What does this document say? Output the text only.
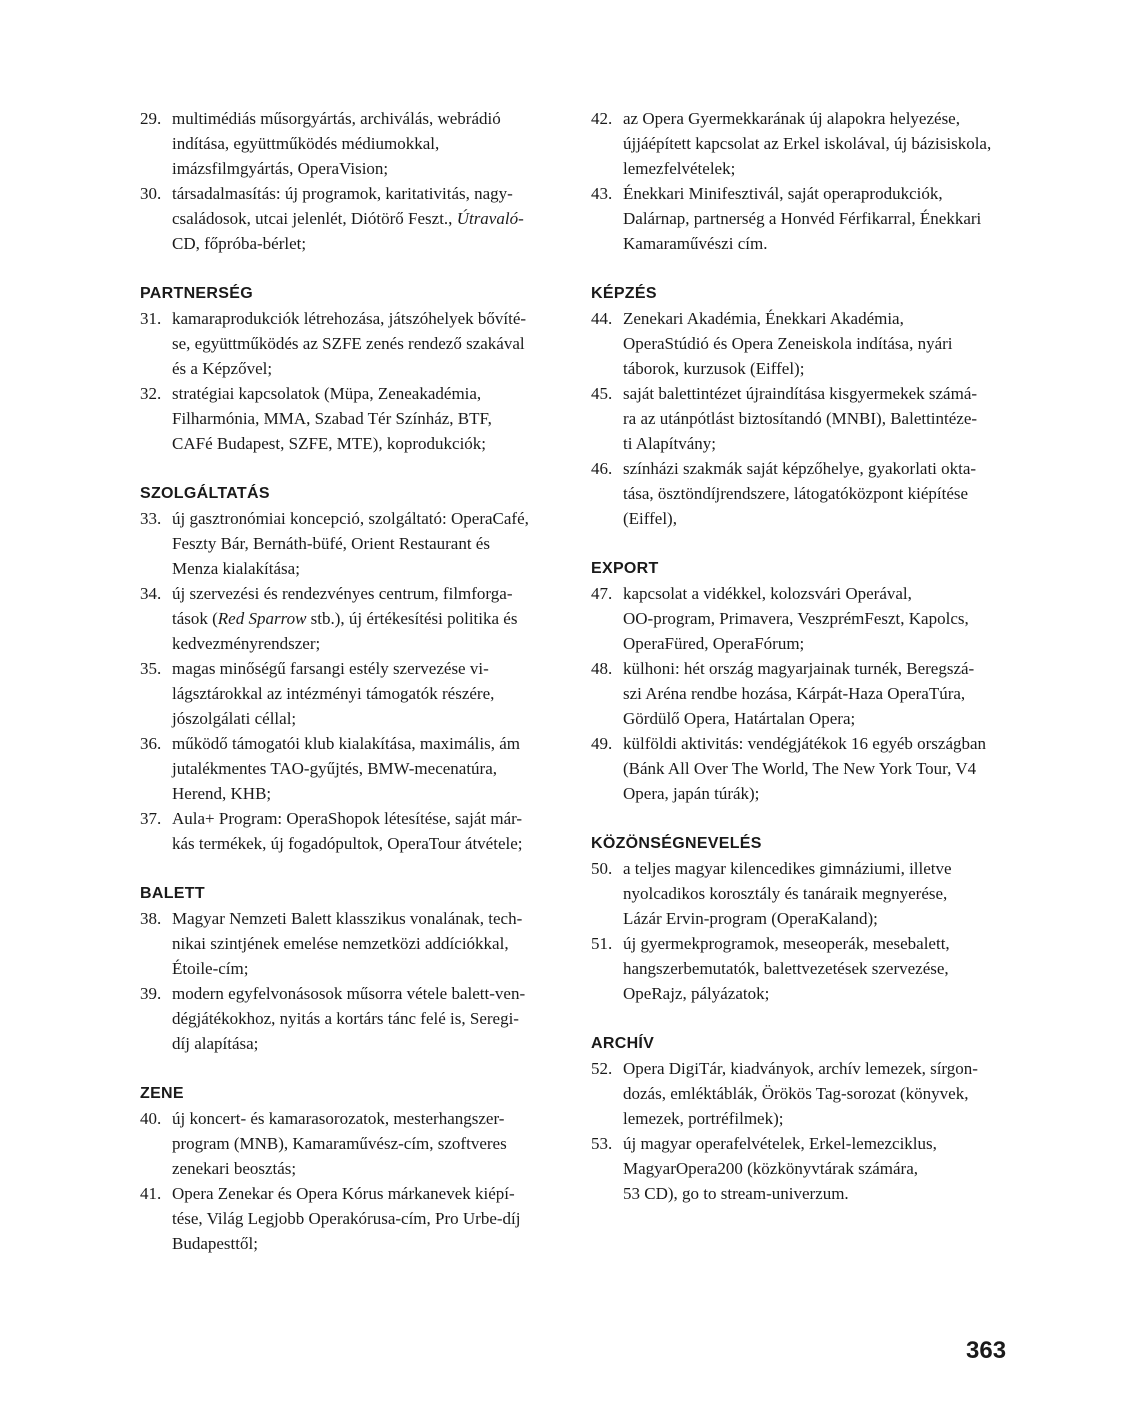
29. multimédiás műsorgyártás, archiválás, webrádió
indítása, együttműködés médiumokkal,
imázsfilmgyártás, OperaVision;
30. társadalmasítás: új programok, karitativitás, nagy-
családosok, utcai jelenlét, Diótörő Feszt., Útravaló-
CD, főpróba-bérlet;
PARTNERSÉG
31. kamaraprodukciók létrehozása, játszóhelyek bővíté-
se, együttműködés az SZFE zenés rendező szakával
és a Képzővel;
32. stratégiai kapcsolatok (Müpa, Zeneakadémia,
Filharmónia, MMA, Szabad Tér Színház, BTF,
CAFé Budapest, SZFE, MTE), koprodukciók;
SZOLGÁLTATÁS
33. új gasztronómiai koncepció, szolgáltató: OperaCafé,
Feszty Bár, Bernáth-büfé, Orient Restaurant és
Menza kialakítása;
34. új szervezési és rendezvényes centrum, filmforga-
tások (Red Sparrow stb.), új értékesítési politika és
kedvezményrendszer;
35. magas minőségű farsangi estély szervezése vi-
lágsztárokkal az intézményi támogatók részére,
jószolgálati céllal;
36. működő támogatói klub kialakítása, maximális, ám
jutalékmentes TAO-gyűjtés, BMW-mecenatúra,
Herend, KHB;
37. Aula+ Program: OperaShopok létesítése, saját már-
kás termékek, új fogadópultok, OperaTour átvétele;
BALETT
38. Magyar Nemzeti Balett klasszikus vonalának, tech-
nikai szintjének emelése nemzetközi addíciókkal,
Étoile-cím;
39. modern egyfelvonásosok műsorra vétele balett-ven-
dégjátékokhoz, nyitás a kortárs tánc felé is, Seregi-
díj alapítása;
ZENE
40. új koncert- és kamarasorozatok, mesterhangszer-
program (MNB), Kamaraművész-cím, szoftveres
zenekari beosztás;
41. Opera Zenekar és Opera Kórus márkanevek kiépí-
tése, Világ Legjobb Operakórusa-cím, Pro Urbe-díj
Budapesttől;
42. az Opera Gyermekkarának új alapokra helyezése,
újjáépített kapcsolat az Erkel iskolával, új bázisiskola,
lemezfelvételek;
43. Énekkari Minifesztivál, saját operaprodukciók,
Dalárnap, partnerség a Honvéd Férfikarral, Énekkari
Kamaraművészi cím.
KÉPZÉS
44. Zenekari Akadémia, Énekkari Akadémia,
OperaStúdió és Opera Zeneiskola indítása, nyári
táborok, kurzusok (Eiffel);
45. saját balettintézet újraindítása kisgyermekek számá-
ra az utánpótlást biztosítandó (MNBI), Balettintéze-
ti Alapítvány;
46. színházi szakmák saját képzőhelye, gyakorlati okta-
tása, ösztöndíjrendszere, látogatóközpont kiépítése
(Eiffel),
EXPORT
47. kapcsolat a vidékkel, kolozsvári Operával,
OO-program, Primavera, VeszprémFeszt, Kapolcs,
OperaFüred, OperaFórum;
48. külhoni: hét ország magyarjainak turnék, Beregszá-
szi Aréna rendbe hozása, Kárpát-Haza OperaTúra,
Gördülő Opera, Határtalan Opera;
49. külföldi aktivitás: vendégjátékok 16 egyéb országban
(Bánk All Over The World, The New York Tour, V4
Opera, japán túrák);
KÖZÖNSÉGNEVELÉS
50. a teljes magyar kilencedikes gimnáziumi, illetve
nyolcadikos korosztály és tanáraik megnyerése,
Lázár Ervin-program (OperaKaland);
51. új gyermekprogramok, meseoperák, mesebalett,
hangszerbemutatók, balettvezetések szervezése,
OpeRajz, pályázatok;
ARCHÍV
52. Opera DigiTár, kiadványok, archív lemezek, sírgon-
dozás, emléktáblák, Örökös Tag-sorozat (könyvek,
lemezek, portréfilmek);
53. új magyar operafelvételek, Erkel-lemezciklus,
MagyarOpera200 (közkönyvtárak számára,
53 CD), go to stream-univerzum.
363
